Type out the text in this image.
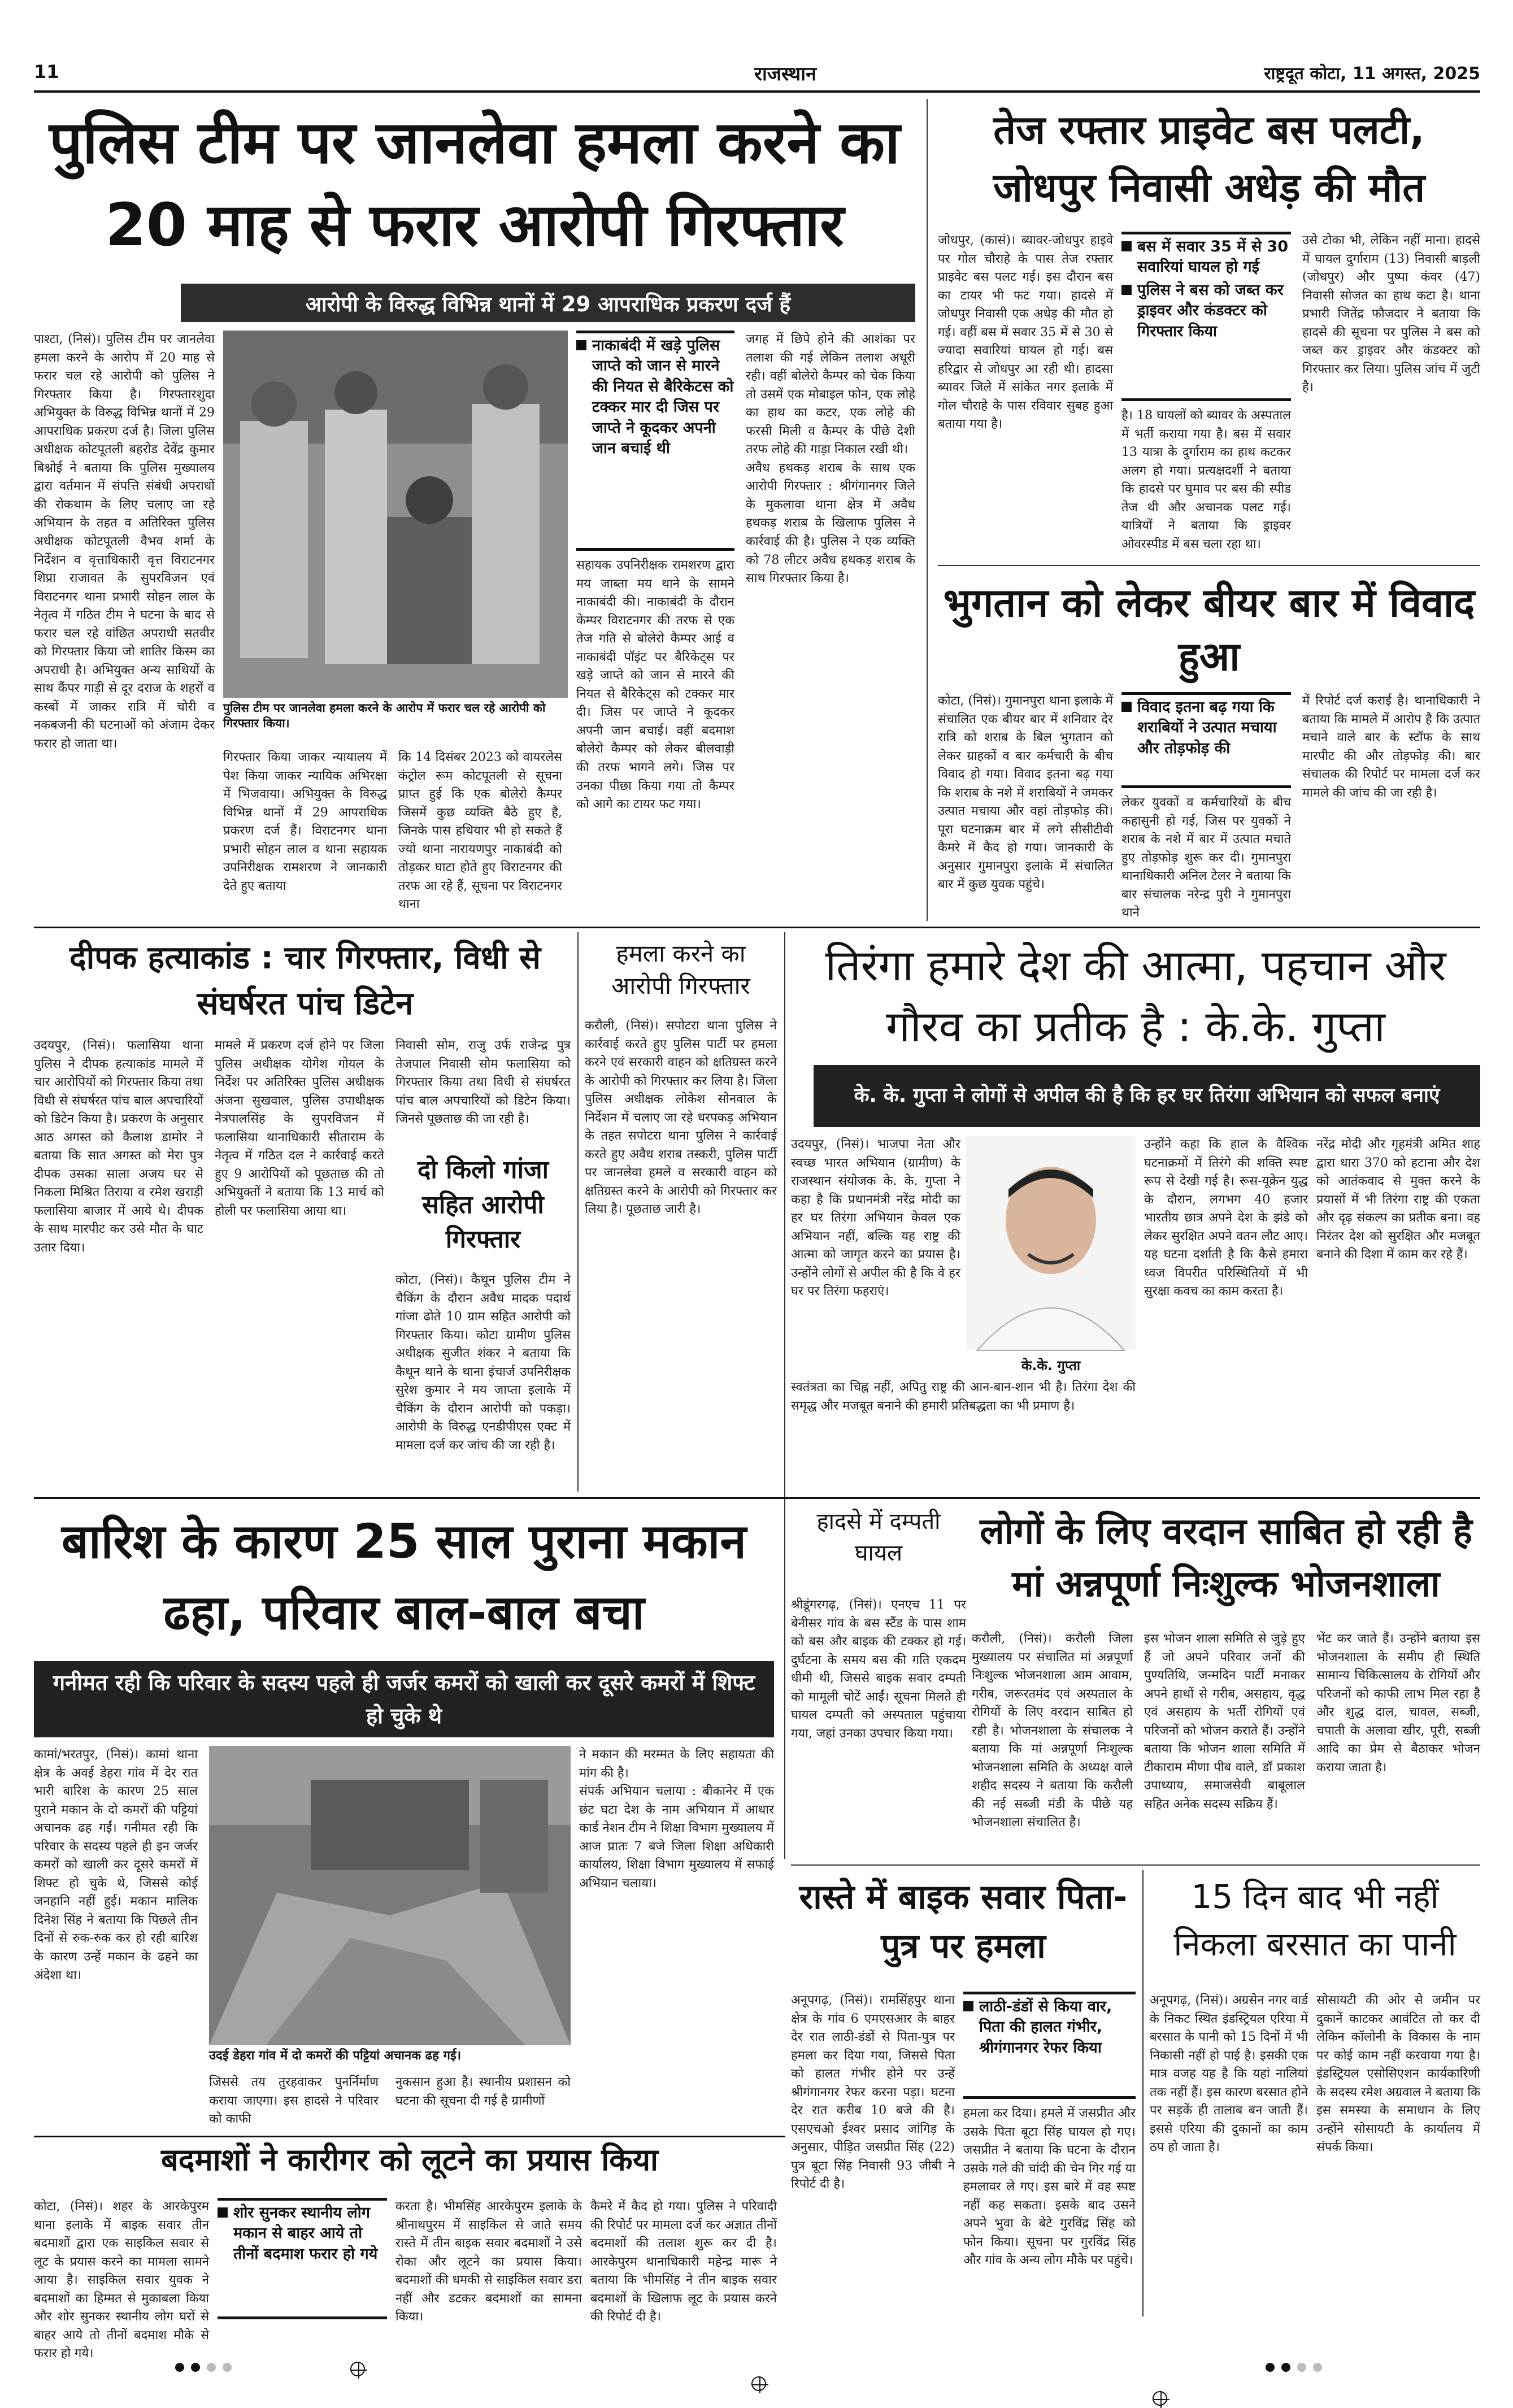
11	राजस्थान	राष्ट्रदूत कोटा, 11 अगस्त, 2025
पुलिस टीम पर जानलेवा हमला करने का 20 माह से फरार आरोपी गिरफ्तार
आरोपी के विरुद्ध विभिन्न थानों में 29 आपराधिक प्रकरण दर्ज हैं
पुलिस टीम पर जानलेवा हमला करने के आरोप में फरार चल रहे आरोपी को गिरफ्तार किया।
नाकाबंदी में खड़े पुलिस जाप्ते को जान से मारने की नियत से बैरिकेटस को टक्कर मार दी जिस पर जाप्ते ने कूदकर अपनी जान बचाई थी

पाश्टा, (निसं)। पुलिस टीम पर जानलेवा हमला करने के आरोप में 20 माह से फरार चल रहे आरोपी को पुलिस ने गिरफ्तार किया है। गिरफ्तारशुदा अभियुक्त के विरुद्ध विभिन्न थानों में 29 आपराधिक प्रकरण दर्ज है। जिला पुलिस अधीक्षक कोटपूतली बहरोड देवेंद्र कुमार बिश्नोई ने बताया कि पुलिस मुख्यालय द्वारा वर्तमान में संपत्ति संबंधी अपराधों की रोकथाम के लिए चलाए जा रहे अभियान के तहत व अतिरिक्त पुलिस अधीक्षक कोटपूतली वैभव शर्मा के निर्देशन व वृत्ताधिकारी वृत्त विराटनगर शिप्रा राजावत के सुपरविजन एवं विराटनगर थाना प्रभारी सोहन लाल के नेतृत्व में गठित टीम ने घटना के बाद से फरार चल रहे वांछित अपराधी सतवीर को गिरफ्तार किया जो शातिर किस्म का अपराधी है। अभियुक्त अन्य साथियों के साथ कैंपर गाड़ी से दूर दराज के शहरों व कस्बों में जाकर रात्रि में चोरी व नकबजनी की घटनाओं को अंजाम देकर फरार हो जाता था।

गिरफ्तार किया जाकर न्यायालय में पेश किया जाकर न्यायिक अभिरक्षा में भिजवाया। अभियुक्त के विरुद्ध विभिन्न थानों में 29 आपराधिक प्रकरण दर्ज हैं। विराटनगर थाना प्रभारी सोहन लाल व थाना सहायक उपनिरीक्षक रामशरण ने जानकारी देते हुए बताया

कि 14 दिसंबर 2023 को वायरलेस कंट्रोल रूम कोटपूतली से सूचना प्राप्त हुई कि एक बोलेरो कैम्पर जिसमें कुछ व्यक्ति बैठे हुए है, जिनके पास हथियार भी हो सकते हैं ज्यो थाना नारायणपुर नाकाबंदी को तोड़कर घाटा होते हुए विराटनगर की तरफ आ रहे हैं, सूचना पर विराटनगर थाना

सहायक उपनिरीक्षक रामशरण द्वारा मय जाब्ता मय थाने के सामने नाकाबंदी की। नाकाबंदी के दौरान केम्पर विराटनगर की तरफ से एक तेज गति से बोलेरो कैम्पर आई व नाकाबंदी पॉइंट पर बैरिकेट्स पर खड़े जाप्ते को जान से मारने की नियत से बैरिकेट्स को टक्कर मार दी। जिस पर जाप्ते ने कूदकर अपनी जान बचाई। वहीं बदमाश बोलेरो कैम्पर को लेकर बीलवाड़ी की तरफ भागने लगे। जिस पर उनका पीछा किया गया तो कैम्पर को आगे का टायर फट गया।

जगह में छिपे होने की आशंका पर तलाश की गई लेकिन तलाश अधूरी रही। वहीं बोलेरो कैम्पर को चेक किया तो उसमें एक मोबाइल फोन, एक लोहे का हाथ का कटर, एक लोहे की फरसी मिली व कैम्पर के पीछे देशी तरफ लोहे की गाड़ा निकाल रखी थी।
अवैध हथकड़ शराब के साथ एक आरोपी गिरफ्तार : श्रीगंगानगर जिले के मुकलावा थाना क्षेत्र में अवैध हथकड़ शराब के खिलाफ पुलिस ने कार्रवाई की है। पुलिस ने एक व्यक्ति को 78 लीटर अवैध हथकड़ शराब के साथ गिरफ्तार किया है।

तेज रफ्तार प्राइवेट बस पलटी, जोधपुर निवासी अधेड़ की मौत

जोधपुर, (कासं)। ब्यावर-जोधपुर हाइवे पर गोल चौराहे के पास तेज रफ्तार प्राइवेट बस पलट गई। इस दौरान बस का टायर भी फट गया। हादसे में जोधपुर निवासी एक अधेड़ की मौत हो गई। वहीं बस में सवार 35 में से 30 से ज्यादा सवारियां घायल हो गई। बस हरिद्वार से जोधपुर आ रही थी। हादसा ब्यावर जिले में सांकेत नगर इलाके में गोल चौराहे के पास रविवार सुबह हुआ बताया गया है।

बस में सवार 35 में से 30 सवारियां घायल हो गई
पुलिस ने बस को जब्त कर ड्राइवर और कंडक्टर को गिरफ्तार किया

है। 18 घायलों को ब्यावर के अस्पताल में भर्ती कराया गया है। बस में सवार 13 यात्रा के दुर्गाराम का हाथ कटकर अलग हो गया। प्रत्यक्षदर्शी ने बताया कि हादसे पर घुमाव पर बस की स्पीड तेज थी और अचानक पलट गई। यात्रियों ने बताया कि ड्राइवर ओवरस्पीड में बस चला रहा था।

उसे टोका भी, लेकिन नहीं माना। हादसे में घायल दुर्गाराम (13) निवासी बाड़ली (जोधपुर) और पुष्पा कंवर (47) निवासी सोजत का हाथ कटा है। थाना प्रभारी जितेंद्र फौजदार ने बताया कि हादसे की सूचना पर पुलिस ने बस को जब्त कर ड्राइवर और कंडक्टर को गिरफ्तार कर लिया। पुलिस जांच में जुटी है।

भुगतान को लेकर बीयर बार में विवाद हुआ

कोटा, (निसं)। गुमानपुरा थाना इलाके में संचालित एक बीयर बार में शनिवार देर रात्रि को शराब के बिल भुगतान को लेकर ग्राहकों व बार कर्मचारी के बीच विवाद हो गया। विवाद इतना बढ़ गया कि शराब के नशे में शराबियों ने जमकर उत्पात मचाया और वहां तोड़फोड़ की। पूरा घटनाक्रम बार में लगे सीसीटीवी कैमरे में कैद हो गया। जानकारी के अनुसार गुमानपुरा इलाके में संचालित बार में कुछ युवक पहुंचे।

विवाद इतना बढ़ गया कि शराबियों ने उत्पात मचाया और तोड़फोड़ की

लेकर युवकों व कर्मचारियों के बीच कहासुनी हो गई, जिस पर युवकों ने शराब के नशे में बार में उत्पात मचाते हुए तोड़फोड़ शुरू कर दी। गुमानपुरा थानाधिकारी अनिल टेलर ने बताया कि बार संचालक नरेन्द्र पुरी ने गुमानपुरा थाने

में रिपोर्ट दर्ज कराई है। थानाधिकारी ने बताया कि मामले में आरोप है कि उत्पात मचाने वाले बार के स्टॉफ के साथ मारपीट की और तोड़फोड़ की। बार संचालक की रिपोर्ट पर मामला दर्ज कर मामले की जांच की जा रही है।

दीपक हत्याकांड : चार गिरफ्तार, विधी से संघर्षरत पांच डिटेन

उदयपुर, (निसं)। फलासिया थाना पुलिस ने दीपक हत्याकांड मामले में चार आरोपियों को गिरफ्तार किया तथा विधी से संघर्षरत पांच बाल अपचारियों को डिटेन किया है। प्रकरण के अनुसार आठ अगस्त को कैलाश डामोर ने बताया कि सात अगस्त को मेरा पुत्र दीपक उसका साला अजय घर से निकला मिश्रित तिराया व रमेश खराड़ी फलासिया बाजार में आये थे। दीपक के साथ मारपीट कर उसे मौत के घाट उतार दिया।

मामले में प्रकरण दर्ज होने पर जिला पुलिस अधीक्षक योगेश गोयल के निर्देश पर अतिरिक्त पुलिस अधीक्षक अंजना सुखवाल, पुलिस उपाधीक्षक नेत्रपालसिंह के सुपरविजन में फलासिया थानाधिकारी सीताराम के नेतृत्व में गठित दल ने कार्रवाई करते हुए 9 आरोपियों को पूछताछ की तो अभियुक्तों ने बताया कि 13 मार्च को होली पर फलासिया आया था।

निवासी सोम, राजु उर्फ राजेन्द्र पुत्र तेजपाल निवासी सोम फलासिया को गिरफ्तार किया तथा विधी से संघर्षरत पांच बाल अपचारियों को डिटेन किया। जिनसे पूछताछ की जा रही है।

दो किलो गांजा सहित आरोपी गिरफ्तार

कोटा, (निसं)। कैथून पुलिस टीम ने चैकिंग के दौरान अवैध मादक पदार्थ गांजा ढोते 10 ग्राम सहित आरोपी को गिरफ्तार किया। कोटा ग्रामीण पुलिस अधीक्षक सुजीत शंकर ने बताया कि कैथून थाने के थाना इंचार्ज उपनिरीक्षक सुरेश कुमार ने मय जाप्ता इलाके में चैकिंग के दौरान आरोपी को पकड़ा। आरोपी के विरुद्ध एनडीपीएस एक्ट में मामला दर्ज कर जांच की जा रही है।

हमला करने का आरोपी गिरफ्तार

करौली, (निसं)। सपोटरा थाना पुलिस ने कार्रवाई करते हुए पुलिस पार्टी पर हमला करने एवं सरकारी वाहन को क्षतिग्रस्त करने के आरोपी को गिरफ्तार कर लिया है। जिला पुलिस अधीक्षक लोकेश सोनवाल के निर्देशन में चलाए जा रहे धरपकड़ अभियान के तहत सपोटरा थाना पुलिस ने कार्रवाई करते हुए अवैध शराब तस्करी, पुलिस पार्टी पर जानलेवा हमले व सरकारी वाहन को क्षतिग्रस्त करने के आरोपी को गिरफ्तार कर लिया है। पूछताछ जारी है।

तिरंगा हमारे देश की आत्मा, पहचान और गौरव का प्रतीक है : के.के. गुप्ता
के. के. गुप्ता ने लोगों से अपील की है कि हर घर तिरंगा अभियान को सफल बनाएं

उदयपुर, (निसं)। भाजपा नेता और स्वच्छ भारत अभियान (ग्रामीण) के राजस्थान संयोजक के. के. गुप्ता ने कहा है कि प्रधानमंत्री नरेंद्र मोदी का हर घर तिरंगा अभियान केवल एक अभियान नहीं, बल्कि यह राष्ट्र की आत्मा को जागृत करने का प्रयास है। उन्होंने लोगों से अपील की है कि वे हर घर पर तिरंगा फहराएं।

के.के. गुप्ता

स्वतंत्रता का चिह्न नहीं, अपितु राष्ट्र की आन-बान-शान भी है। तिरंगा देश की समृद्ध और मजबूत बनाने की हमारी प्रतिबद्धता का भी प्रमाण है।

उन्होंने कहा कि हाल के वैश्विक घटनाक्रमों में तिरंगे की शक्ति स्पष्ट रूप से देखी गई है। रूस-यूक्रेन युद्ध के दौरान, लगभग 40 हजार भारतीय छात्र अपने देश के झंडे को लेकर सुरक्षित अपने वतन लौट आए। यह घटना दर्शाती है कि कैसे हमारा ध्वज विपरीत परिस्थितियों में भी सुरक्षा कवच का काम करता है।

नरेंद्र मोदी और गृहमंत्री अमित शाह द्वारा धारा 370 को हटाना और देश को आतंकवाद से मुक्त करने के प्रयासों में भी तिरंगा राष्ट्र की एकता और दृढ़ संकल्प का प्रतीक बना। वह निरंतर देश को सुरक्षित और मजबूत बनाने की दिशा में काम कर रहे हैं।

बारिश के कारण 25 साल पुराना मकान ढहा, परिवार बाल-बाल बचा
गनीमत रही कि परिवार के सदस्य पहले ही जर्जर कमरों को खाली कर दूसरे कमरों में शिफ्ट हो चुके थे

कामां/भरतपुर, (निसं)। कामां थाना क्षेत्र के अवई डेहरा गांव में देर रात भारी बारिश के कारण 25 साल पुराने मकान के दो कमरों की पट्टियां अचानक ढह गईं। गनीमत रही कि परिवार के सदस्य पहले ही इन जर्जर कमरों को खाली कर दूसरे कमरों में शिफ्ट हो चुके थे, जिससे कोई जनहानि नहीं हुई। मकान मालिक दिनेश सिंह ने बताया कि पिछले तीन दिनों से रुक-रुक कर हो रही बारिश के कारण उन्हें मकान के ढहने का अंदेशा था।

उदई डेहरा गांव में दो कमरों की पट्टियां अचानक ढह गई।

जिससे तय तुरहवाकर पुनर्निर्माण कराया जाएगा। इस हादसे ने परिवार को काफी

नुकसान हुआ है। स्थानीय प्रशासन को घटना की सूचना दी गई है ग्रामीणों

ने मकान की मरम्मत के लिए सहायता की मांग की है।
संपर्क अभियान चलाया : बीकानेर में एक छंट घटा देश के नाम अभियान में आधार कार्ड नेशन टीम ने शिक्षा विभाग मुख्यालय में आज प्रातः 7 बजे जिला शिक्षा अधिकारी कार्यालय, शिक्षा विभाग मुख्यालय में सफाई अभियान चलाया।

हादसे में दम्पती घायल

श्रीडूंगरगढ़, (निसं)। एनएच 11 पर बेनीसर गांव के बस स्टैंड के पास शाम को बस और बाइक की टक्कर हो गई। दुर्घटना के समय बस की गति एकदम धीमी थी, जिससे बाइक सवार दम्पती को मामूली चोटें आईं। सूचना मिलते ही घायल दम्पती को अस्पताल पहुंचाया गया, जहां उनका उपचार किया गया।

लोगों के लिए वरदान साबित हो रही है मां अन्नपूर्णा निःशुल्क भोजनशाला

करौली, (निसं)। करौली जिला मुख्यालय पर संचालित मां अन्नपूर्णा निःशुल्क भोजनशाला आम आवाम, गरीब, जरूरतमंद एवं अस्पताल के रोगियों के लिए वरदान साबित हो रही है। भोजनशाला के संचालक ने बताया कि मां अन्नपूर्णा निःशुल्क भोजनशाला समिति के अध्यक्ष वाले शहीद सदस्य ने बताया कि करौली की नई सब्जी मंडी के पीछे यह भोजनशाला संचालित है।

इस भोजन शाला समिति से जुड़े हुए हैं जो अपने परिवार जनों की पुण्यतिथि, जन्मदिन पार्टी मनाकर अपने हाथों से गरीब, असहाय, वृद्ध एवं असहाय के भर्ती रोगियों एवं परिजनों को भोजन कराते हैं। उन्होंने बताया कि भोजन शाला समिति में टीकाराम मीणा पीब वाले, डॉ प्रकाश उपाध्याय, समाजसेवी बाबूलाल सहित अनेक सदस्य सक्रिय हैं।

भेंट कर जाते हैं। उन्होंने बताया इस भोजनशाला के समीप ही स्थिति सामान्य चिकित्सालय के रोगियों और परिजनों को काफी लाभ मिल रहा है और शुद्ध दाल, चावल, सब्जी, चपाती के अलावा खीर, पूरी, सब्जी आदि का प्रेम से बैठाकर भोजन कराया जाता है।

रास्ते में बाइक सवार पिता-पुत्र पर हमला

अनूपगढ़, (निसं)। रामसिंहपुर थाना क्षेत्र के गांव 6 एमएसआर के बाहर देर रात लाठी-डंडों से पिता-पुत्र पर हमला कर दिया गया, जिससे पिता को हालत गंभीर होने पर उन्हें श्रीगंगानगर रेफर करना पड़ा। घटना देर रात करीब 10 बजे की है। एसएचओ ईश्वर प्रसाद जांगिड़ के अनुसार, पीड़ित जसप्रीत सिंह (22) पुत्र बूटा सिंह निवासी 93 जीबी ने रिपोर्ट दी है।

लाठी-डंडों से किया वार, पिता की हालत गंभीर, श्रीगंगानगर रेफर किया

हमला कर दिया। हमले में जसप्रीत और उसके पिता बूटा सिंह घायल हो गए। जसप्रीत ने बताया कि घटना के दौरान उसके गले की चांदी की चेन गिर गई या हमलावर ले गए। इस बारे में वह स्पष्ट नहीं कह सकता। इसके बाद उसने अपने भुवा के बेटे गुरविंद्र सिंह को फोन किया। सूचना पर गुरविंद्र सिंह और गांव के अन्य लोग मौके पर पहुंचे।

15 दिन बाद भी नहीं निकला बरसात का पानी

अनूपगढ़, (निसं)। अग्रसेन नगर वार्ड के निकट स्थित इंडस्ट्रियल एरिया में बरसात के पानी को 15 दिनों में भी निकासी नहीं हो पाई है। इसकी एक मात्र वजह यह है कि यहां नालियां तक नहीं हैं। इस कारण बरसात होने पर सड़कें ही तालाब बन जाती हैं। इससे एरिया की दुकानों का काम ठप हो जाता है।

सोसायटी की ओर से जमीन पर दुकानें काटकर आवंटित तो कर दी लेकिन कॉलोनी के विकास के नाम पर कोई काम नहीं करवाया गया है। इंडस्ट्रियल एसोसिएशन कार्यकारिणी के सदस्य रमेश अग्रवाल ने बताया कि इस समस्या के समाधान के लिए उन्होंने सोसायटी के कार्यालय में संपर्क किया।

बदमाशों ने कारीगर को लूटने का प्रयास किया

कोटा, (निसं)। शहर के आरकेपुरम थाना इलाके में बाइक सवार तीन बदमाशों द्वारा एक साइकिल सवार से लूट के प्रयास करने का मामला सामने आया है। साइकिल सवार युवक ने बदमाशों का हिम्मत से मुकाबला किया और शोर सुनकर स्थानीय लोग घरों से बाहर आये तो तीनों बदमाश मौके से फरार हो गये।

शोर सुनकर स्थानीय लोग मकान से बाहर आये तो तीनों बदमाश फरार हो गये

करता है। भीमसिंह आरकेपुरम इलाके के श्रीनाथपुरम में साइकिल से जाते समय रास्ते में तीन बाइक सवार बदमाशों ने उसे रोका और लूटने का प्रयास किया। बदमाशों की धमकी से साइकिल सवार डरा नहीं और डटकर बदमाशों का सामना किया।

कैमरे में कैद हो गया। पुलिस ने परिवादी की रिपोर्ट पर मामला दर्ज कर अज्ञात तीनों बदमाशों की तलाश शुरू कर दी है। आरकेपुरम थानाधिकारी महेन्द्र मारू ने बताया कि भीमसिंह ने तीन बाइक सवार बदमाशों के खिलाफ लूट के प्रयास करने की रिपोर्ट दी है।
